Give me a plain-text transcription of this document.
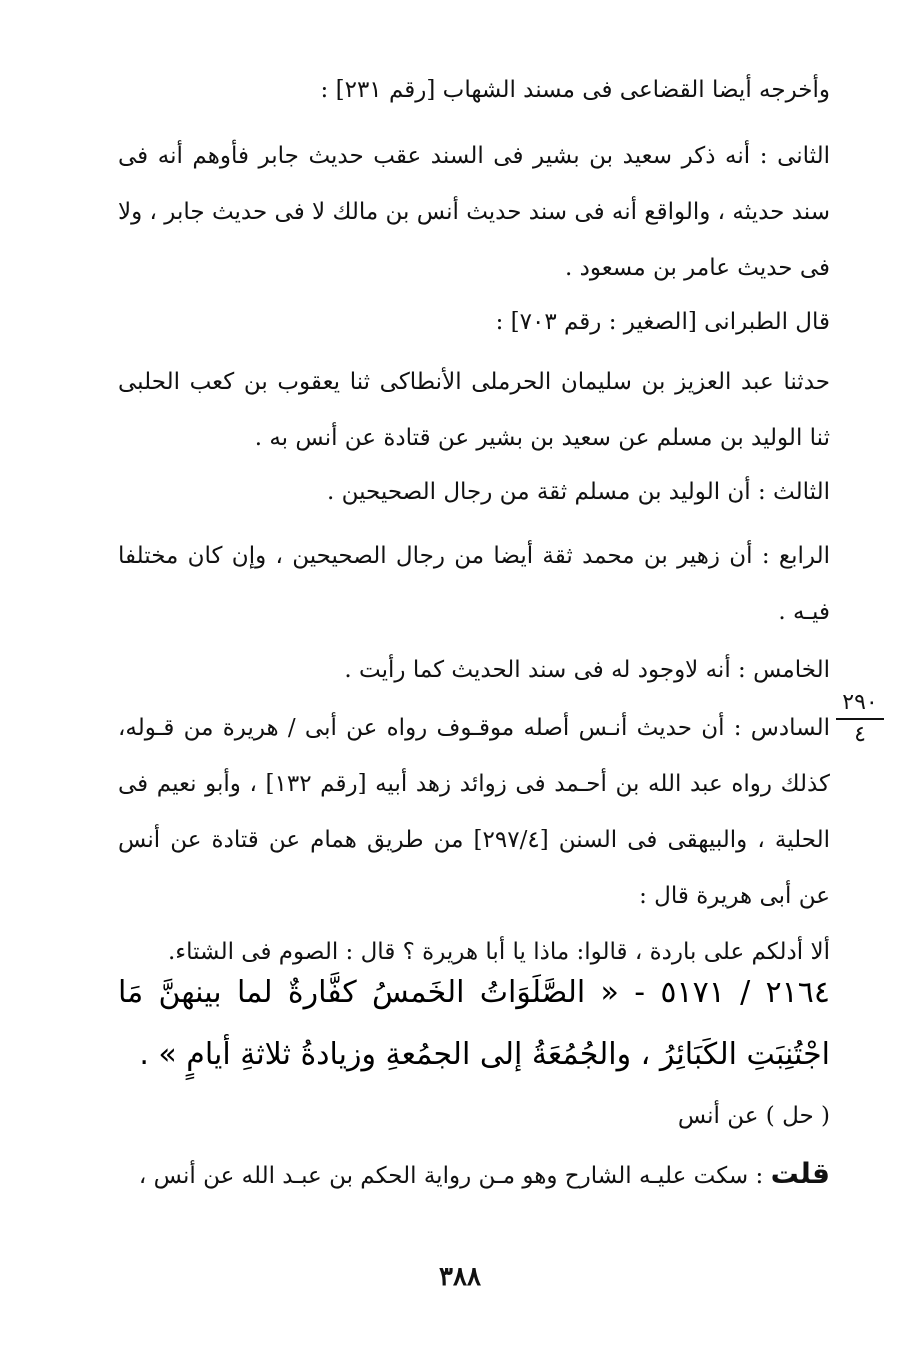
وأخرجه أيضا القضاعى فى مسند الشهاب [رقم ٢٣١] :

الثانى : أنه ذكر سعيد بن بشير فى السند عقب حديث جابر فأوهم أنه فى سند حديثه ، والواقع أنه فى سند حديث أنس بن مالك لا فى حديث جابر ، ولا فى حديث عامر بن مسعود .

قال الطبرانى [الصغير : رقم ٧٠٣] :

حدثنا عبد العزيز بن سليمان الحرملى الأنطاكى ثنا يعقوب بن كعب الحلبى ثنا الوليد بن مسلم عن سعيد بن بشير عن قتادة عن أنس به .

الثالث : أن الوليد بن مسلم ثقة من رجال الصحيحين .

الرابع : أن زهير بن محمد ثقة أيضا من رجال الصحيحين ، وإن كان مختلفا فيـه .

الخامس : أنه لاوجود له فى سند الحديث كما رأيت .

السادس : أن حديث أنـس أصله موقـوف رواه عن أبى / هريرة من قـوله، كذلك رواه عبد الله بن أحـمد فى زوائد زهد أبيه [رقم ١٣٢] ، وأبو نعيم فى الحلية ، والبيهقى فى السنن [٢٩٧/٤] من طريق همام عن قتادة عن أنس عن أبى هريرة قال :

ألا أدلكم على باردة ، قالوا: ماذا يا أبا هريرة ؟ قال : الصوم فى الشتاء.

٢١٦٤ / ٥١٧١ - « الصَّلَوَاتُ الخَمسُ كفَّارةٌ لما بينهنَّ مَا اجْتُنِبَتِ الكَبَائِرُ ، والجُمُعَةُ إلى الجمُعةِ وزيادةُ ثلاثةِ أيامٍ » .
( حل ) عن أنس
قلت : سكت عليـه الشارح وهو مـن رواية الحكم بن عبـد الله عن أنس ،
٢٩٠
٤
٣٨٨
